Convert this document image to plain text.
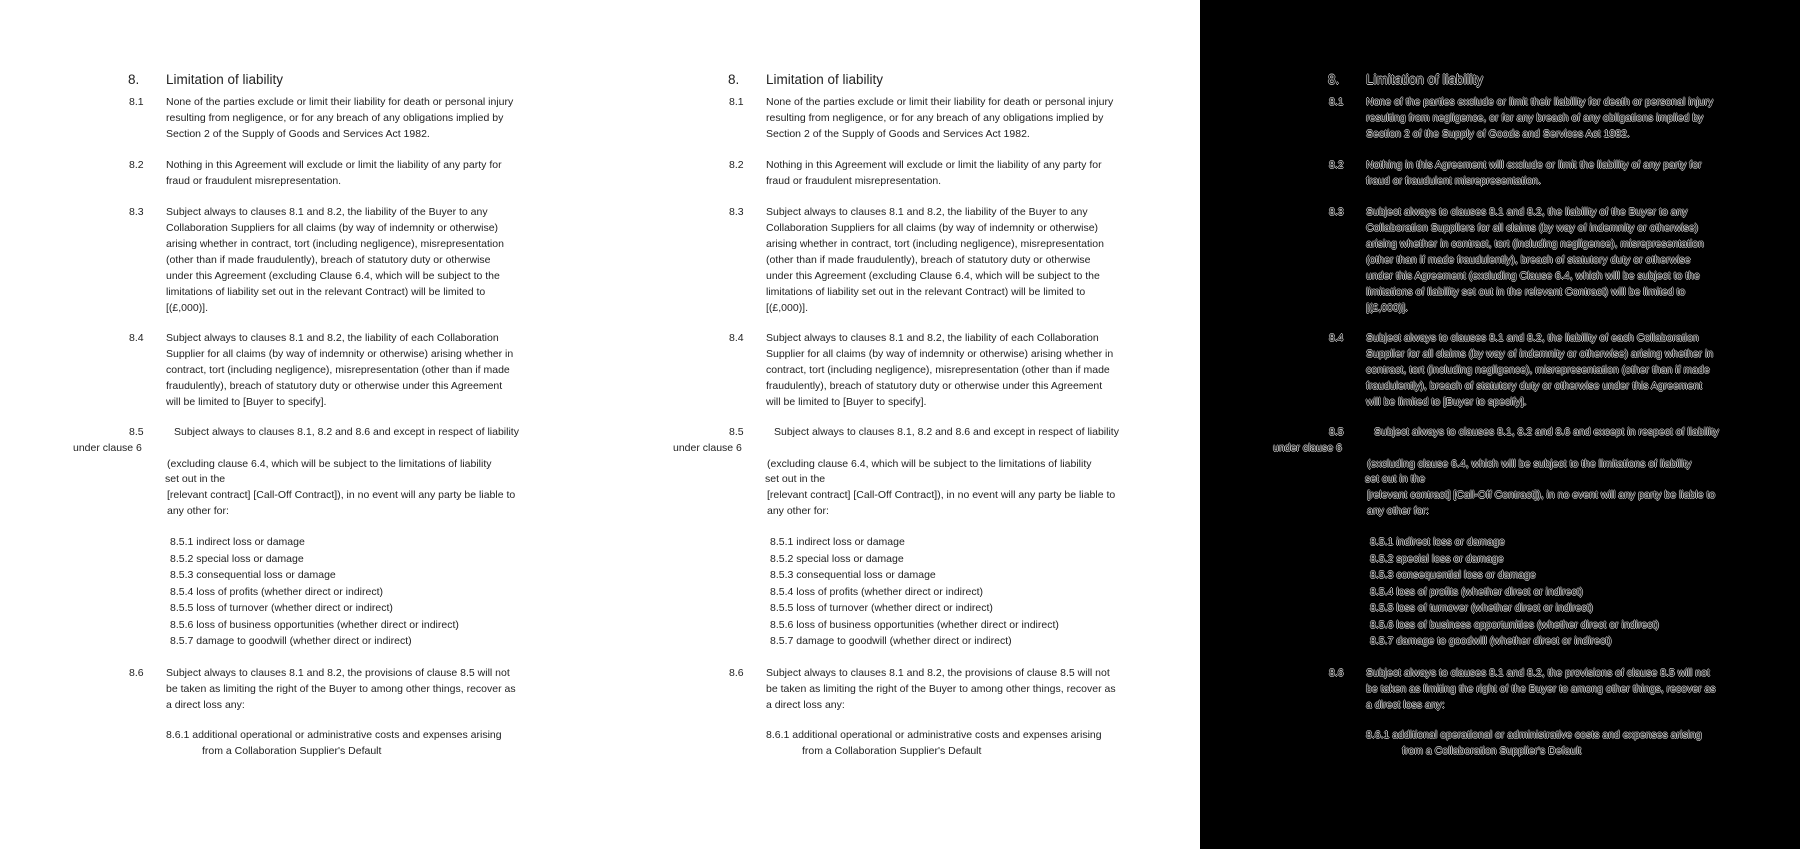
8. Limitation of liability
8.1 None of the parties exclude or limit their liability for death or personal injury
resulting from negligence, or for any breach of any obligations implied by
Section 2 of the Supply of Goods and Services Act 1982.
8.2 Nothing in this Agreement will exclude or limit the liability of any party for
fraud or fraudulent misrepresentation.
8.3 Subject always to clauses 8.1 and 8.2, the liability of the Buyer to any
Collaboration Suppliers for all claims (by way of indemnity or otherwise)
arising whether in contract, tort (including negligence), misrepresentation
(other than if made fraudulently), breach of statutory duty or otherwise
under this Agreement (excluding Clause 6.4, which will be subject to the
limitations of liability set out in the relevant Contract) will be limited to
[(£,000)].
8.4 Subject always to clauses 8.1 and 8.2, the liability of each Collaboration
Supplier for all claims (by way of indemnity or otherwise) arising whether in
contract, tort (including negligence), misrepresentation (other than if made
fraudulently), breach of statutory duty or otherwise under this Agreement
will be limited to [Buyer to specify].
8.5	Subject always to clauses 8.1, 8.2 and 8.6 and except in respect of liability
under clause 6
(excluding clause 6.4, which will be subject to the limitations of liability
set out in the
[relevant contract] [Call-Off Contract]), in no event will any party be liable to
any other for:
8.5.1 indirect loss or damage
8.5.2 special loss or damage
8.5.3 consequential loss or damage
8.5.4 loss of profits (whether direct or indirect)
8.5.5 loss of turnover (whether direct or indirect)
8.5.6 loss of business opportunities (whether direct or indirect)
8.5.7 damage to goodwill (whether direct or indirect)
8.6 Subject always to clauses 8.1 and 8.2, the provisions of clause 8.5 will not
be taken as limiting the right of the Buyer to among other things, recover as
a direct loss any:
8.6.1 additional operational or administrative costs and expenses arising
from a Collaboration Supplier's Default
8. Limitation of liability
8.1 None of the parties exclude or limit their liability for death or personal injury
resulting from negligence, or for any breach of any obligations implied by
Section 2 of the Supply of Goods and Services Act 1982.
8.2 Nothing in this Agreement will exclude or limit the liability of any party for
fraud or fraudulent misrepresentation.
8.3 Subject always to clauses 8.1 and 8.2, the liability of the Buyer to any
Collaboration Suppliers for all claims (by way of indemnity or otherwise)
arising whether in contract, tort (including negligence), misrepresentation
(other than if made fraudulently), breach of statutory duty or otherwise
under this Agreement (excluding Clause 6.4, which will be subject to the
limitations of liability set out in the relevant Contract) will be limited to
[(£,000)].
8.4 Subject always to clauses 8.1 and 8.2, the liability of each Collaboration
Supplier for all claims (by way of indemnity or otherwise) arising whether in
contract, tort (including negligence), misrepresentation (other than if made
fraudulently), breach of statutory duty or otherwise under this Agreement
will be limited to [Buyer to specify].
8.5	Subject always to clauses 8.1, 8.2 and 8.6 and except in respect of liability
under clause 6
(excluding clause 6.4, which will be subject to the limitations of liability
set out in the
[relevant contract] [Call-Off Contract]), in no event will any party be liable to
any other for:
8.5.1 indirect loss or damage
8.5.2 special loss or damage
8.5.3 consequential loss or damage
8.5.4 loss of profits (whether direct or indirect)
8.5.5 loss of turnover (whether direct or indirect)
8.5.6 loss of business opportunities (whether direct or indirect)
8.5.7 damage to goodwill (whether direct or indirect)
8.6 Subject always to clauses 8.1 and 8.2, the provisions of clause 8.5 will not
be taken as limiting the right of the Buyer to among other things, recover as
a direct loss any:
8.6.1 additional operational or administrative costs and expenses arising
from a Collaboration Supplier's Default
8. Limitation of liability
8.1 None of the parties exclude or limit their liability for death or personal injury
resulting from negligence, or for any breach of any obligations implied by
Section 2 of the Supply of Goods and Services Act 1982.
8.2 Nothing in this Agreement will exclude or limit the liability of any party for
fraud or fraudulent misrepresentation.
8.3 Subject always to clauses 8.1 and 8.2, the liability of the Buyer to any
Collaboration Suppliers for all claims (by way of indemnity or otherwise)
arising whether in contract, tort (including negligence), misrepresentation
(other than if made fraudulently), breach of statutory duty or otherwise
under this Agreement (excluding Clause 6.4, which will be subject to the
limitations of liability set out in the relevant Contract) will be limited to
[(£,000)].
8.4 Subject always to clauses 8.1 and 8.2, the liability of each Collaboration
Supplier for all claims (by way of indemnity or otherwise) arising whether in
contract, tort (including negligence), misrepresentation (other than if made
fraudulently), breach of statutory duty or otherwise under this Agreement
will be limited to [Buyer to specify].
8.5	Subject always to clauses 8.1, 8.2 and 8.6 and except in respect of liability
under clause 6
(excluding clause 6.4, which will be subject to the limitations of liability
set out in the
[relevant contract] [Call-Off Contract]), in no event will any party be liable to
any other for:
8.5.1 indirect loss or damage
8.5.2 special loss or damage
8.5.3 consequential loss or damage
8.5.4 loss of profits (whether direct or indirect)
8.5.5 loss of turnover (whether direct or indirect)
8.5.6 loss of business opportunities (whether direct or indirect)
8.5.7 damage to goodwill (whether direct or indirect)
8.6 Subject always to clauses 8.1 and 8.2, the provisions of clause 8.5 will not
be taken as limiting the right of the Buyer to among other things, recover as
a direct loss any:
8.6.1 additional operational or administrative costs and expenses arising
from a Collaboration Supplier's Default
